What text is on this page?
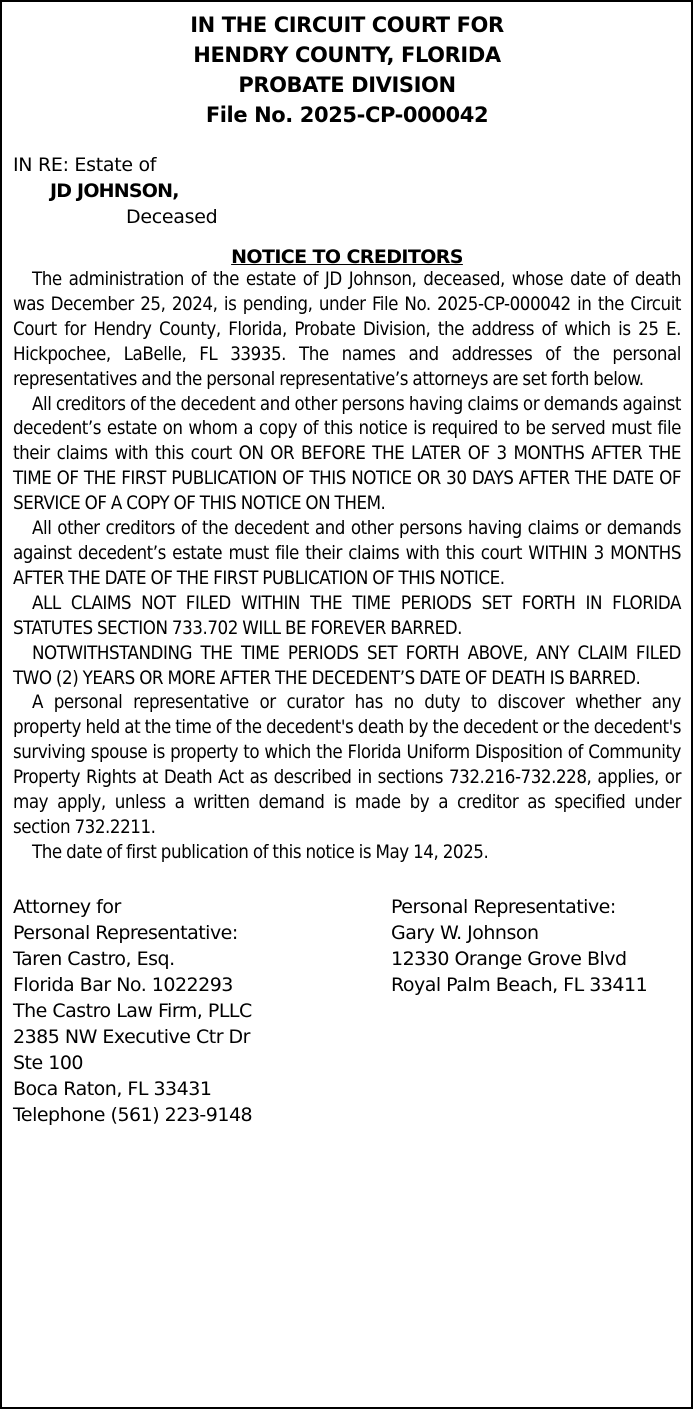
IN THE CIRCUIT COURT FOR
HENDRY COUNTY, FLORIDA
PROBATE DIVISION
File No. 2025-CP-000042
IN RE: Estate of
JD JOHNSON,
Deceased
NOTICE TO CREDITORS

The administration of the estate of JD Johnson, deceased, whose date of death was December 25, 2024, is pending, under File No. 2025-CP-000042 in the Circuit Court for Hendry County, Florida, Probate Division, the address of which is 25 E. Hickpochee, LaBelle, FL 33935. The names and addresses of the personal representatives and the personal representative’s attorneys are set forth below.

All creditors of the decedent and other persons having claims or demands against decedent’s estate on whom a copy of this notice is required to be served must file their claims with this court ON OR BEFORE THE LATER OF 3 MONTHS AFTER THE TIME OF THE FIRST PUBLICATION OF THIS NOTICE OR 30 DAYS AFTER THE DATE OF SERVICE OF A COPY OF THIS NOTICE ON THEM.

All other creditors of the decedent and other persons having claims or demands against decedent’s estate must file their claims with this court WITHIN 3 MONTHS AFTER THE DATE OF THE FIRST PUBLICATION OF THIS NOTICE.

ALL CLAIMS NOT FILED WITHIN THE TIME PERIODS SET FORTH IN FLORIDA STATUTES SECTION 733.702 WILL BE FOREVER BARRED.

NOTWITHSTANDING THE TIME PERIODS SET FORTH ABOVE, ANY CLAIM FILED TWO (2) YEARS OR MORE AFTER THE DECEDENT’S DATE OF DEATH IS BARRED.

A personal representative or curator has no duty to discover whether any property held at the time of the decedent's death by the decedent or the decedent's surviving spouse is property to which the Florida Uniform Disposition of Community Property Rights at Death Act as described in sections 732.216-732.228, applies, or may apply, unless a written demand is made by a creditor as specified under section 732.2211.

The date of first publication of this notice is May 14, 2025.

Attorney for
Personal Representative:
Taren Castro, Esq.
Florida Bar No. 1022293
The Castro Law Firm, PLLC
2385 NW Executive Ctr Dr
Ste 100
Boca Raton, FL 33431
Telephone (561) 223-9148
Personal Representative:
Gary W. Johnson
12330 Orange Grove Blvd
Royal Palm Beach, FL 33411
